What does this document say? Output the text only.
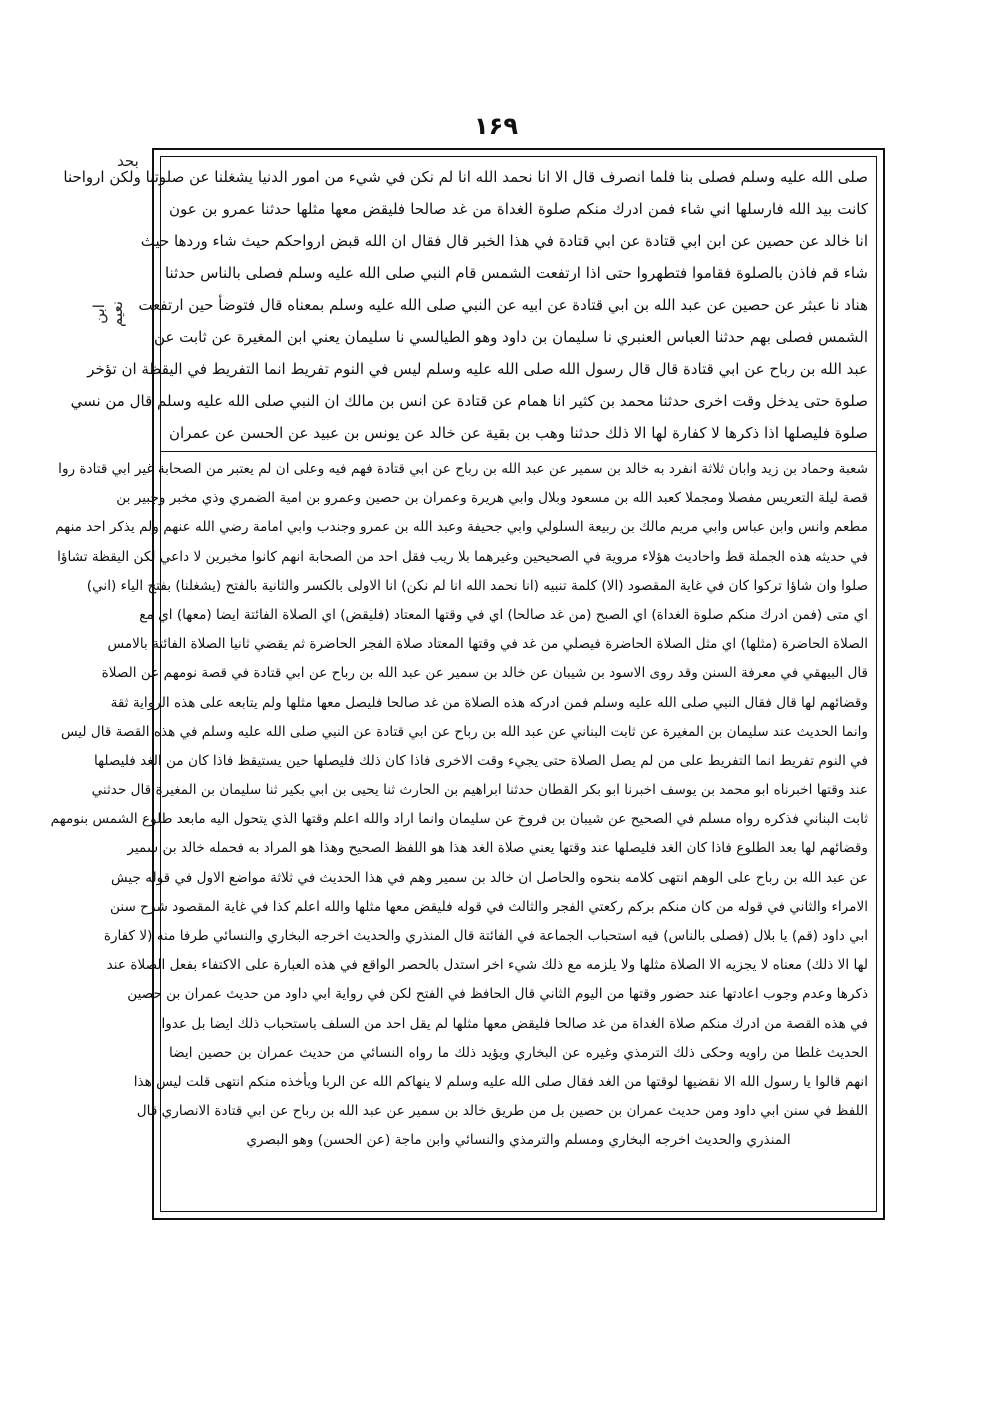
۱۶۹
بحد
ابن نعيم
صلى الله عليه وسلم فصلى بنا فلما انصرف قال الا انا نحمد الله انا لم نكن في شيء من امور الدنيا يشغلنا عن صلوتنا ولكن ارواحنا
كانت بيد الله فارسلها اني شاء فمن ادرك منكم صلوة الغداة من غد صالحا فليقض معها مثلها حدثنا عمرو بن عون
انا خالد عن حصين عن ابن ابي قتادة عن ابي قتادة في هذا الخبر قال فقال ان الله قبض ارواحكم حيث شاء وردها حيث
شاء قم فاذن بالصلوة فقاموا فتطهروا حتى اذا ارتفعت الشمس قام النبي صلى الله عليه وسلم فصلى بالناس حدثنا
هناد نا عبثر عن حصين عن عبد الله بن ابي قتادة عن ابيه عن النبي صلى الله عليه وسلم بمعناه قال فتوضأ حين ارتفعت
الشمس فصلى بهم حدثنا العباس العنبري نا سليمان بن داود وهو الطيالسي نا سليمان يعني ابن المغيرة عن ثابت عن
عبد الله بن رباح عن ابي قتادة قال قال رسول الله صلى الله عليه وسلم ليس في النوم تفريط انما التفريط في اليقظة ان تؤخر
صلوة حتى يدخل وقت اخرى حدثنا محمد بن كثير انا همام عن قتادة عن انس بن مالك ان النبي صلى الله عليه وسلم قال من نسي
صلوة فليصلها اذا ذكرها لا كفارة لها الا ذلك حدثنا وهب بن بقية عن خالد عن يونس بن عبيد عن الحسن عن عمران
شعبة وحماد بن زيد وابان ثلاثة انفرد به خالد بن سمير عن عبد الله بن رباح عن ابي قتادة فهم فيه وعلى ان لم يعتبر من الصحابة غير ابي قتادة روا
قصة ليلة التعريس مفصلا ومجملا كعبد الله بن مسعود وبلال وابي هريرة وعمران بن حصين وعمرو بن امية الضمري وذي مخبر وجبير بن
مطعم وانس وابن عباس وابي مريم مالك بن ربيعة السلولي وابي جحيفة وعبد الله بن عمرو وجندب وابي امامة رضي الله عنهم ولم يذكر احد منهم
في حديثه هذه الجملة قط واحاديث هؤلاء مروية في الصحيحين وغيرهما بلا ريب فقل احد من الصحابة انهم كانوا مخبرين لا داعي لكن اليقظة تشاؤا
صلوا وان شاؤا تركوا كان في غاية المقصود (الا) كلمة تنبيه (انا نحمد الله انا لم نكن) انا الاولى بالكسر والثانية بالفتح (يشغلنا) بفتح الياء (اني)
اي متى (فمن ادرك منكم صلوة الغداة) اي الصبح (من غد صالحا) اي في وقتها المعتاد (فليقض) اي الصلاة الفائتة ايضا (معها) اي مع
الصلاة الحاضرة (مثلها) اي مثل الصلاة الحاضرة فيصلي من غد في وقتها المعتاد صلاة الفجر الحاضرة ثم يقضي ثانيا الصلاة الفائتة بالامس
قال البيهقي في معرفة السنن وقد روى الاسود بن شيبان عن خالد بن سمير عن عبد الله بن رباح عن ابي قتادة في قصة نومهم عن الصلاة
وقضائهم لها قال فقال النبي صلى الله عليه وسلم فمن ادركه هذه الصلاة من غد صالحا فليصل معها مثلها ولم يتابعه على هذه الرواية ثقة
وانما الحديث عند سليمان بن المغيرة عن ثابت البناني عن عبد الله بن رباح عن ابي قتادة عن النبي صلى الله عليه وسلم في هذه القصة قال ليس
في النوم تفريط انما التفريط على من لم يصل الصلاة حتى يجيء وقت الاخرى فاذا كان ذلك فليصلها حين يستيقظ فاذا كان من الغد فليصلها
عند وقتها اخبرناه ابو محمد بن يوسف اخبرنا ابو بكر القطان حدثنا ابراهيم بن الحارث ثنا يحيى بن ابي بكير ثنا سليمان بن المغيرة قال حدثني
ثابت البناني فذكره رواه مسلم في الصحيح عن شيبان بن فروخ عن سليمان وانما اراد والله اعلم وقتها الذي يتحول اليه مابعد طلوع الشمس بنومهم
وقضائهم لها بعد الطلوع فاذا كان الغد فليصلها عند وقتها يعني صلاة الغد هذا هو اللفظ الصحيح وهذا هو المراد به فحمله خالد بن سمير
عن عبد الله بن رباح على الوهم انتهى كلامه بنحوه والحاصل ان خالد بن سمير وهم في هذا الحديث في ثلاثة مواضع الاول في قوله جيش
الامراء والثاني في قوله من كان منكم بركم ركعتي الفجر والثالث في قوله فليقض معها مثلها والله اعلم كذا في غاية المقصود شرح سنن
ابي داود (قم) يا بلال (فصلى بالناس) فيه استحباب الجماعة في الفائتة قال المنذري والحديث اخرجه البخاري والنسائي طرفا منه (لا كفارة
لها الا ذلك) معناه لا يجزيه الا الصلاة مثلها ولا يلزمه مع ذلك شيء اخر استدل بالحصر الواقع في هذه العبارة على الاكتفاء بفعل الصلاة عند
ذكرها وعدم وجوب اعادتها عند حضور وقتها من اليوم الثاني قال الحافظ في الفتح لكن في رواية ابي داود من حديث عمران بن حصين
في هذه القصة من ادرك منكم صلاة الغداة من غد صالحا فليقض معها مثلها لم يقل احد من السلف باستحباب ذلك ايضا بل عدوا
الحديث غلطا من راويه وحكى ذلك الترمذي وغيره عن البخاري ويؤيد ذلك ما رواه النسائي من حديث عمران بن حصين ايضا
انهم قالوا يا رسول الله الا نقضيها لوقتها من الغد فقال صلى الله عليه وسلم لا ينهاكم الله عن الربا ويأخذه منكم انتهى قلت ليس هذا
اللفظ في سنن ابي داود ومن حديث عمران بن حصين بل من طريق خالد بن سمير عن عبد الله بن رباح عن ابي قتادة الانصاري قال
المنذري والحديث اخرجه البخاري ومسلم والترمذي والنسائي وابن ماجة (عن الحسن) وهو البصري
